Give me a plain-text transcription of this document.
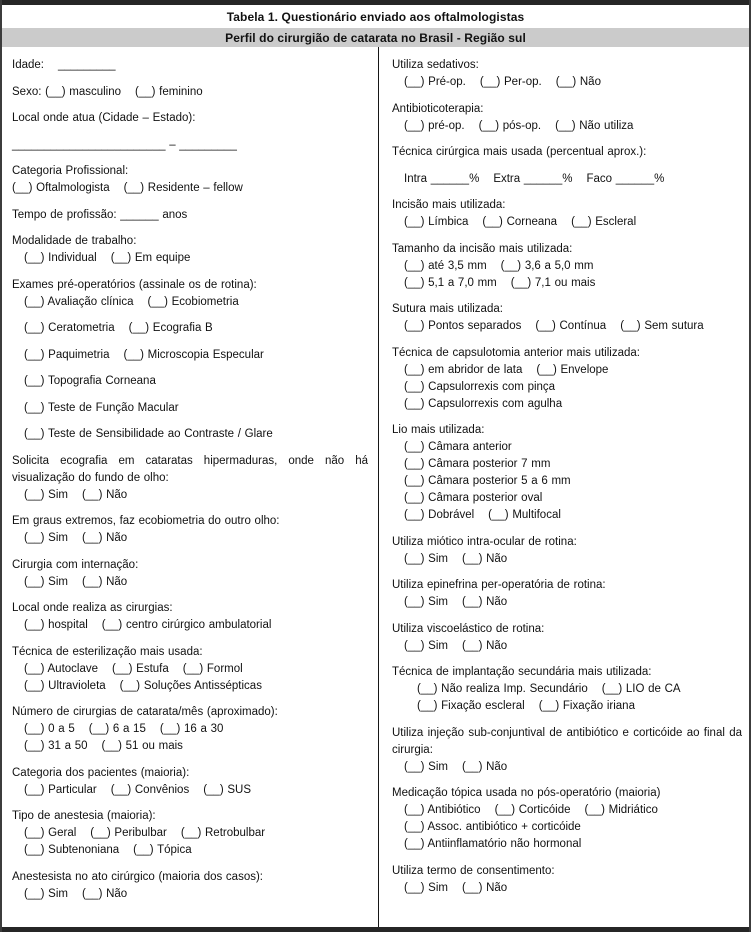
Tabela 1. Questionário enviado aos oftalmologistas
Perfil do cirurgião de catarata no Brasil - Região sul
Idade: _________
Sexo: (__) masculino (__) feminino
Local onde atua (Cidade – Estado):
________________________ – _________
Categoria Profissional:
(__) Oftalmologista (__) Residente – fellow
Tempo de profissão: ______ anos
Modalidade de trabalho:
(__) Individual (__) Em equipe
Exames pré-operatórios (assinale os de rotina):
(__) Avaliação clínica (__) Ecobiometria
(__) Ceratometria (__) Ecografia B
(__) Paquimetria (__) Microscopia Especular
(__) Topografia Corneana
(__) Teste de Função Macular
(__) Teste de Sensibilidade ao Contraste / Glare
Solicita ecografia em cataratas hipermaduras, onde não há visualização do fundo de olho:
(__) Sim (__) Não
Em graus extremos, faz ecobiometria do outro olho:
(__) Sim (__) Não
Cirurgia com internação:
(__) Sim (__) Não
Local onde realiza as cirurgias:
(__) hospital (__) centro cirúrgico ambulatorial
Técnica de esterilização mais usada:
(__) Autoclave (__) Estufa (__) Formol
(__) Ultravioleta (__) Soluções Antissépticas
Número de cirurgias de catarata/mês (aproximado):
(__) 0 a 5 (__) 6 a 15 (__) 16 a 30
(__) 31 a 50 (__) 51 ou mais
Categoria dos pacientes (maioria):
(__) Particular (__) Convênios (__) SUS
Tipo de anestesia (maioria):
(__) Geral (__) Peribulbar (__) Retrobulbar
(__) Subtenoniana (__) Tópica
Anestesista no ato cirúrgico (maioria dos casos):
(__) Sim (__) Não
Utiliza sedativos:
(__) Pré-op. (__) Per-op. (__) Não
Antibioticoterapia:
(__) pré-op. (__) pós-op. (__) Não utiliza
Técnica cirúrgica mais usada (percentual aprox.):
Intra ______% Extra ______% Faco ______%
Incisão mais utilizada:
(__) Límbica (__) Corneana (__) Escleral
Tamanho da incisão mais utilizada:
(__) até 3,5 mm (__) 3,6 a 5,0 mm
(__) 5,1 a 7,0 mm (__) 7,1 ou mais
Sutura mais utilizada:
(__) Pontos separados (__) Contínua (__) Sem sutura
Técnica de capsulotomia anterior mais utilizada:
(__) em abridor de lata (__) Envelope
(__) Capsulorrexis com pinça
(__) Capsulorrexis com agulha
Lio mais utilizada:
(__) Câmara anterior
(__) Câmara posterior 7 mm
(__) Câmara posterior 5 a 6 mm
(__) Câmara posterior oval
(__) Dobrável (__) Multifocal
Utiliza miótico intra-ocular de rotina:
(__) Sim (__) Não
Utiliza epinefrina per-operatória de rotina:
(__) Sim (__) Não
Utiliza viscoelástico de rotina:
(__) Sim (__) Não
Técnica de implantação secundária mais utilizada:
(__) Não realiza Imp. Secundário (__) LIO de CA
(__) Fixação escleral (__) Fixação iriana
Utiliza injeção sub-conjuntival de antibiótico e corticóide ao final da cirurgia:
(__) Sim (__) Não
Medicação tópica usada no pós-operatório (maioria)
(__) Antibiótico (__) Corticóide (__) Midriático
(__) Assoc. antibiótico + corticóide
(__) Antiinflamatório não hormonal
Utiliza termo de consentimento:
(__) Sim (__) Não
